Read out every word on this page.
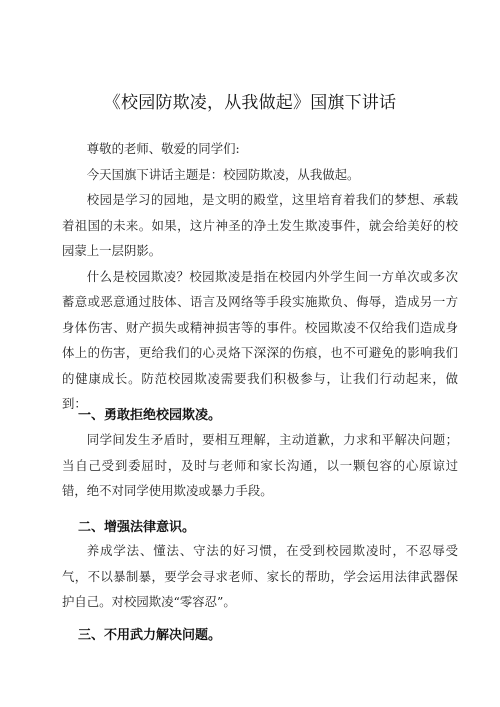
《校园防欺凌，从我做起》国旗下讲话

尊敬的老师、敬爱的同学们:

今天国旗下讲话主题是：校园防欺凌，从我做起。

校园是学习的园地，是文明的殿堂，这里培育着我们的梦想、承载着祖国的未来。如果，这片神圣的净土发生欺凌事件，就会给美好的校园蒙上一层阴影。

什么是校园欺凌？校园欺凌是指在校园内外学生间一方单次或多次蓄意或恶意通过肢体、语言及网络等手段实施欺负、侮辱，造成另一方身体伤害、财产损失或精神损害等的事件。校园欺凌不仅给我们造成身体上的伤害，更给我们的心灵烙下深深的伤痕，也不可避免的影响我们的健康成长。防范校园欺凌需要我们积极参与，让我们行动起来，做到：

一、勇敢拒绝校园欺凌。

同学间发生矛盾时，要相互理解，主动道歉，力求和平解决问题；当自己受到委屈时，及时与老师和家长沟通，以一颗包容的心原谅过错，绝不对同学使用欺凌或暴力手段。

二、增强法律意识。

养成学法、懂法、守法的好习惯，在受到校园欺凌时，不忍辱受气，不以暴制暴，要学会寻求老师、家长的帮助，学会运用法律武器保护自己。对校园欺凌“零容忍”。

三、不用武力解决问题。
